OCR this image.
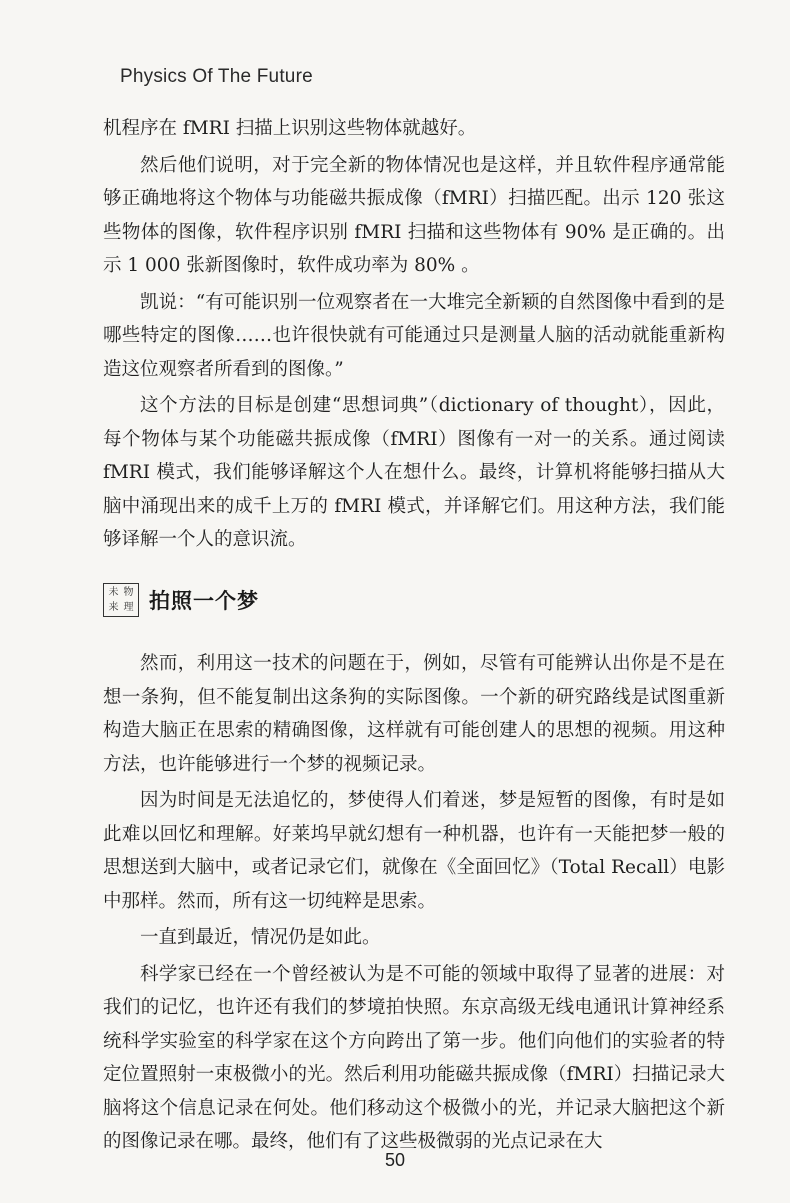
Physics Of The Future

机程序在 fMRI 扫描上识别这些物体就越好。

然后他们说明，对于完全新的物体情况也是这样，并且软件程序通常能够正确地将这个物体与功能磁共振成像（fMRI）扫描匹配。出示 120 张这些物体的图像，软件程序识别 fMRI 扫描和这些物体有 90% 是正确的。出示 1 000 张新图像时，软件成功率为 80% 。

凯说：“有可能识别一位观察者在一大堆完全新颖的自然图像中看到的是哪些特定的图像……也许很快就有可能通过只是测量人脑的活动就能重新构造这位观察者所看到的图像。”

这个方法的目标是创建“思想词典”（dictionary of thought），因此，每个物体与某个功能磁共振成像（fMRI）图像有一对一的关系。通过阅读 fMRI 模式，我们能够译解这个人在想什么。最终，计算机将能够扫描从大脑中涌现出来的成千上万的 fMRI 模式，并译解它们。用这种方法，我们能够译解一个人的意识流。

未 物
来 理 拍照一个梦

然而，利用这一技术的问题在于，例如，尽管有可能辨认出你是不是在想一条狗，但不能复制出这条狗的实际图像。一个新的研究路线是试图重新构造大脑正在思索的精确图像，这样就有可能创建人的思想的视频。用这种方法，也许能够进行一个梦的视频记录。

因为时间是无法追忆的，梦使得人们着迷，梦是短暂的图像，有时是如此难以回忆和理解。好莱坞早就幻想有一种机器，也许有一天能把梦一般的思想送到大脑中，或者记录它们，就像在《全面回忆》（Total Recall）电影中那样。然而，所有这一切纯粹是思索。

一直到最近，情况仍是如此。

科学家已经在一个曾经被认为是不可能的领域中取得了显著的进展：对我们的记忆，也许还有我们的梦境拍快照。东京高级无线电通讯计算神经系统科学实验室的科学家在这个方向跨出了第一步。他们向他们的实验者的特定位置照射一束极微小的光。然后利用功能磁共振成像（fMRI）扫描记录大脑将这个信息记录在何处。他们移动这个极微小的光，并记录大脑把这个新的图像记录在哪。最终，他们有了这些极微弱的光点记录在大

50
